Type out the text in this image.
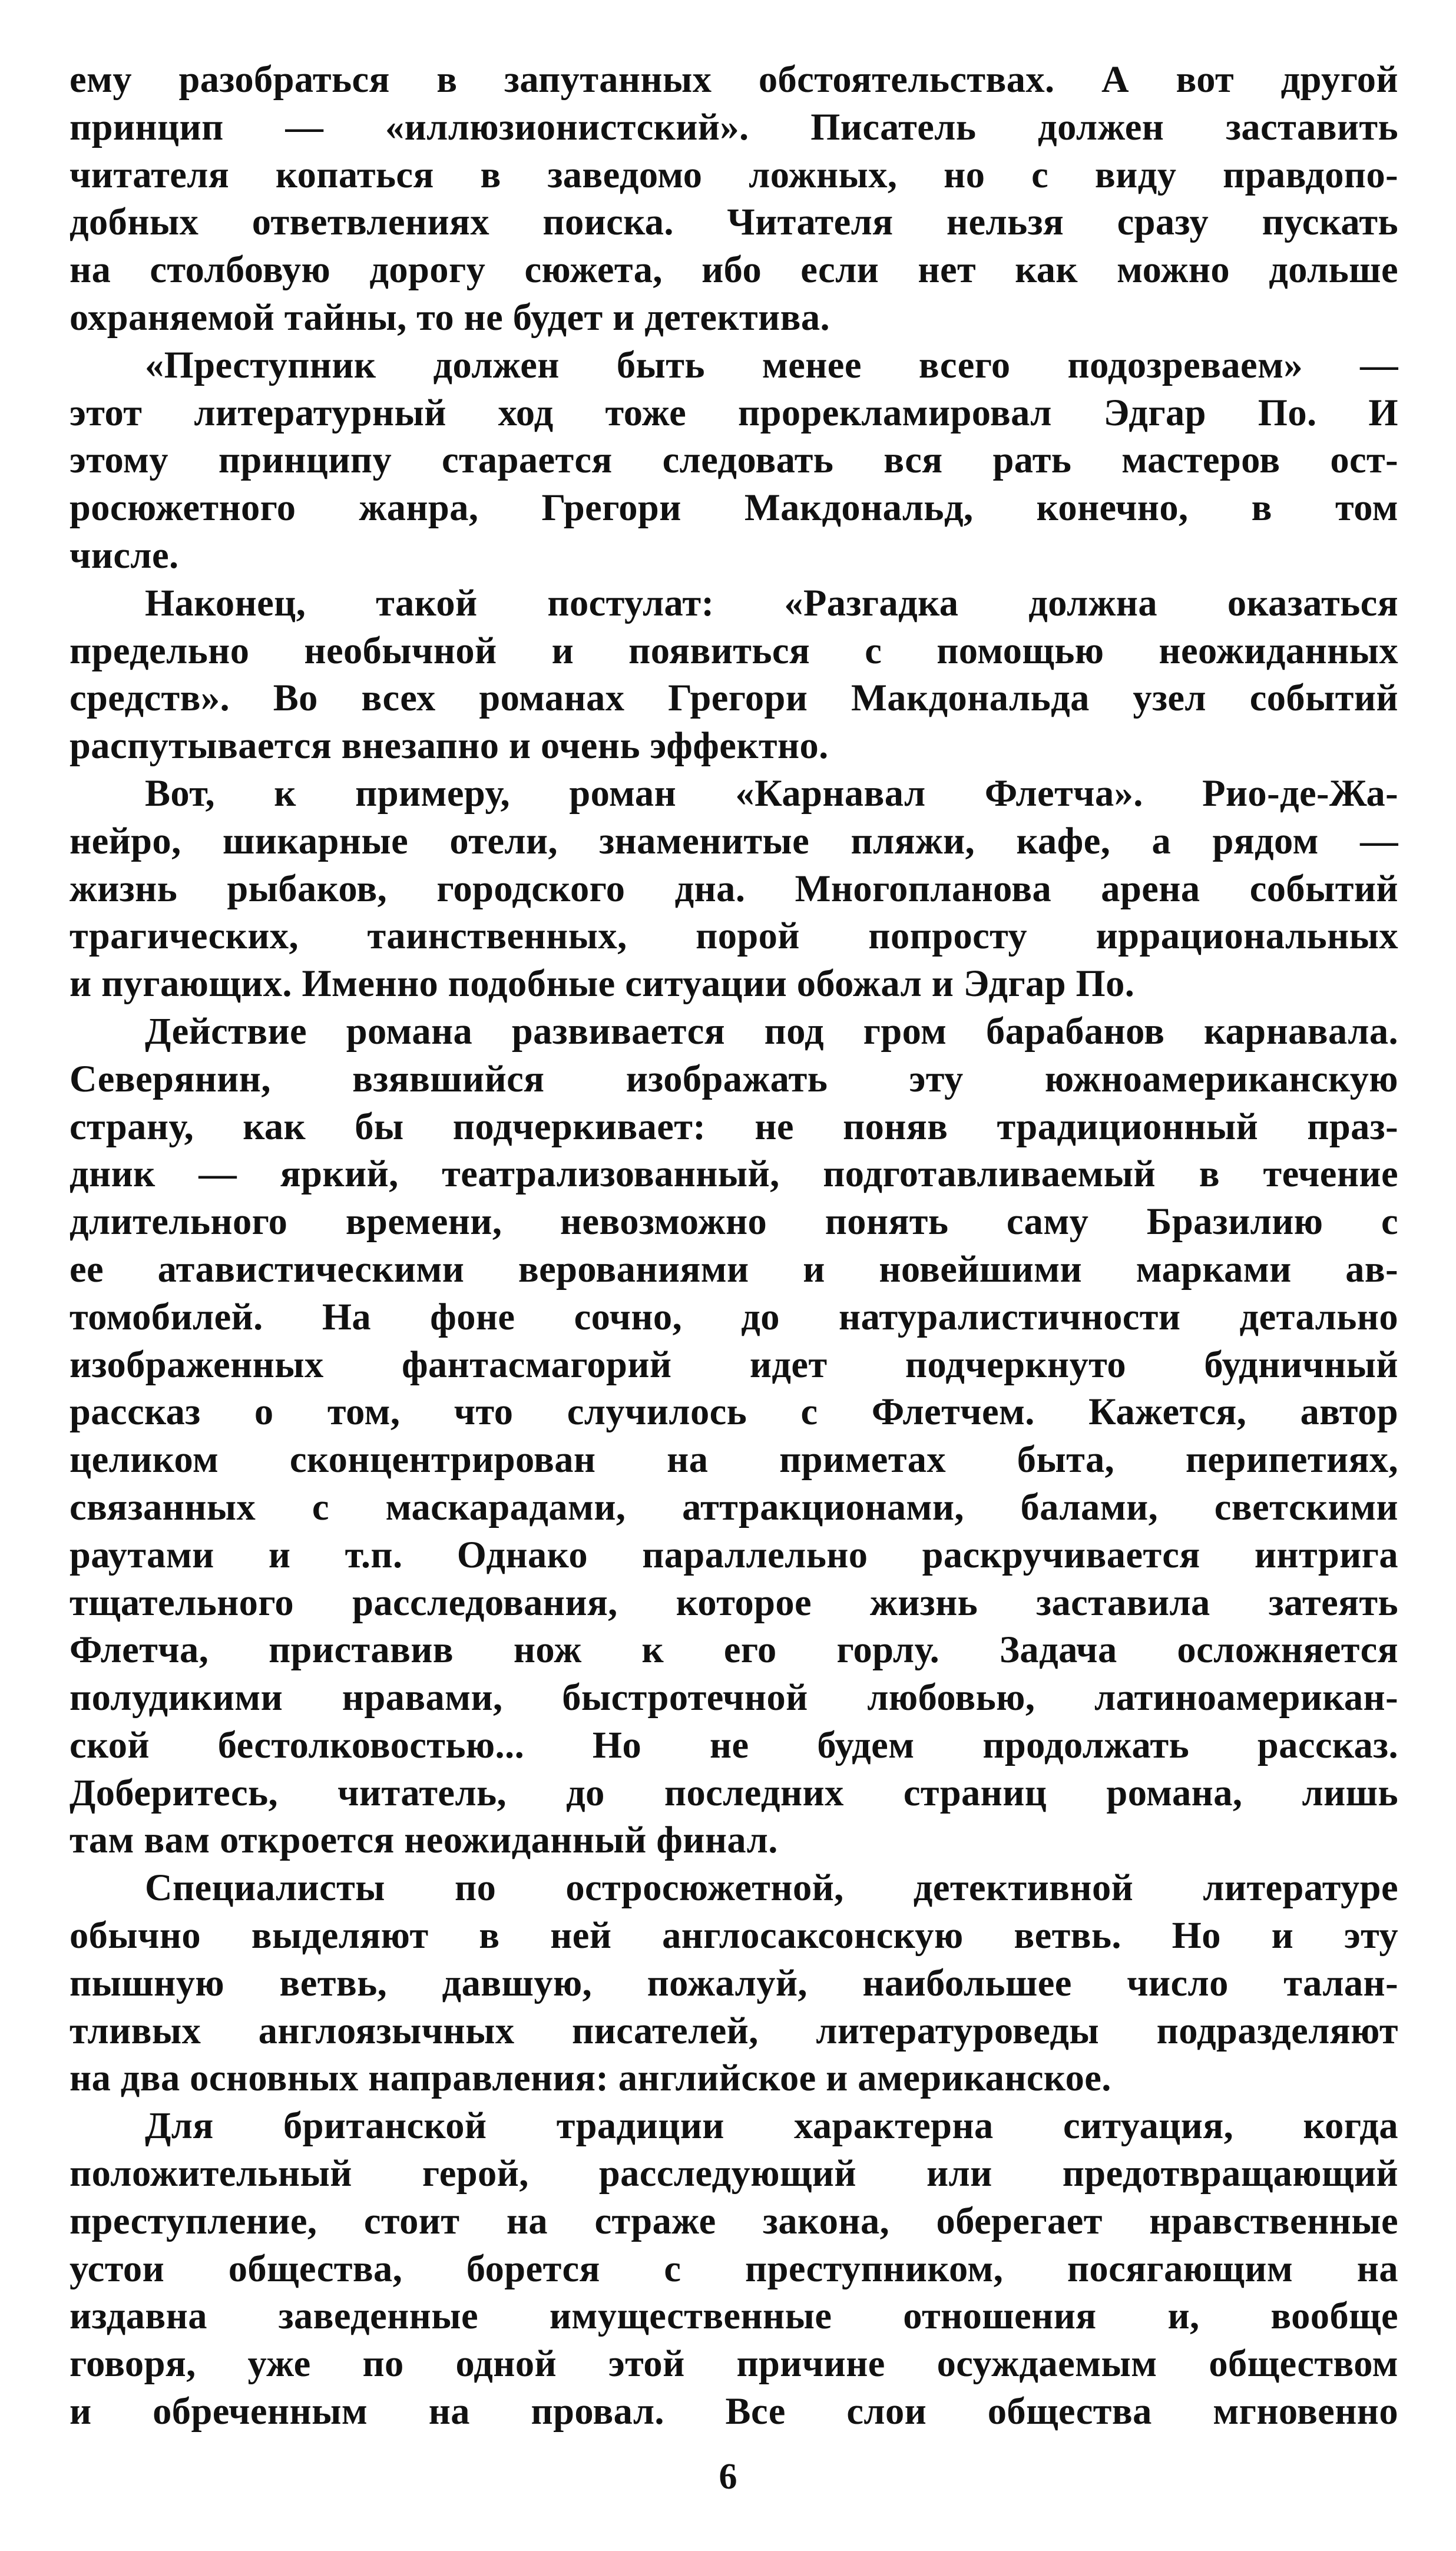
ему разобраться в запутанных обстоятельствах. А вот другой
принцип — «иллюзионистский». Писатель должен заставить
читателя копаться в заведомо ложных, но с виду правдопо-
добных ответвлениях поиска. Читателя нельзя сразу пускать
на столбовую дорогу сюжета, ибо если нет как можно дольше
охраняемой тайны, то не будет и детектива.
«Преступник должен быть менее всего подозреваем» —
этот литературный ход тоже прорекламировал Эдгар По. И
этому принципу старается следовать вся рать мастеров ост-
росюжетного жанра, Грегори Макдональд, конечно, в том
числе.
Наконец, такой постулат: «Разгадка должна оказаться
предельно необычной и появиться с помощью неожиданных
средств». Во всех романах Грегори Макдональда узел событий
распутывается внезапно и очень эффектно.
Вот, к примеру, роман «Карнавал Флетча». Рио-де-Жа-
нейро, шикарные отели, знаменитые пляжи, кафе, а рядом —
жизнь рыбаков, городского дна. Многопланова арена событий
трагических, таинственных, порой попросту иррациональных
и пугающих. Именно подобные ситуации обожал и Эдгар По.
Действие романа развивается под гром барабанов карнавала.
Северянин, взявшийся изображать эту южноамериканскую
страну, как бы подчеркивает: не поняв традиционный праз-
дник — яркий, театрализованный, подготавливаемый в течение
длительного времени, невозможно понять саму Бразилию с
ее атавистическими верованиями и новейшими марками ав-
томобилей. На фоне сочно, до натуралистичности детально
изображенных фантасмагорий идет подчеркнуто будничный
рассказ о том, что случилось с Флетчем. Кажется, автор
целиком сконцентрирован на приметах быта, перипетиях,
связанных с маскарадами, аттракционами, балами, светскими
раутами и т.п. Однако параллельно раскручивается интрига
тщательного расследования, которое жизнь заставила затеять
Флетча, приставив нож к его горлу. Задача осложняется
полудикими нравами, быстротечной любовью, латиноамерикан-
ской бестолковостью... Но не будем продолжать рассказ.
Доберитесь, читатель, до последних страниц романа, лишь
там вам откроется неожиданный финал.
Специалисты по остросюжетной, детективной литературе
обычно выделяют в ней англосаксонскую ветвь. Но и эту
пышную ветвь, давшую, пожалуй, наибольшее число талан-
тливых англоязычных писателей, литературоведы подразделяют
на два основных направления: английское и американское.
Для британской традиции характерна ситуация, когда
положительный герой, расследующий или предотвращающий
преступление, стоит на страже закона, оберегает нравственные
устои общества, борется с преступником, посягающим на
издавна заведенные имущественные отношения и, вообще
говоря, уже по одной этой причине осуждаемым обществом
и обреченным на провал. Все слои общества мгновенно
6
